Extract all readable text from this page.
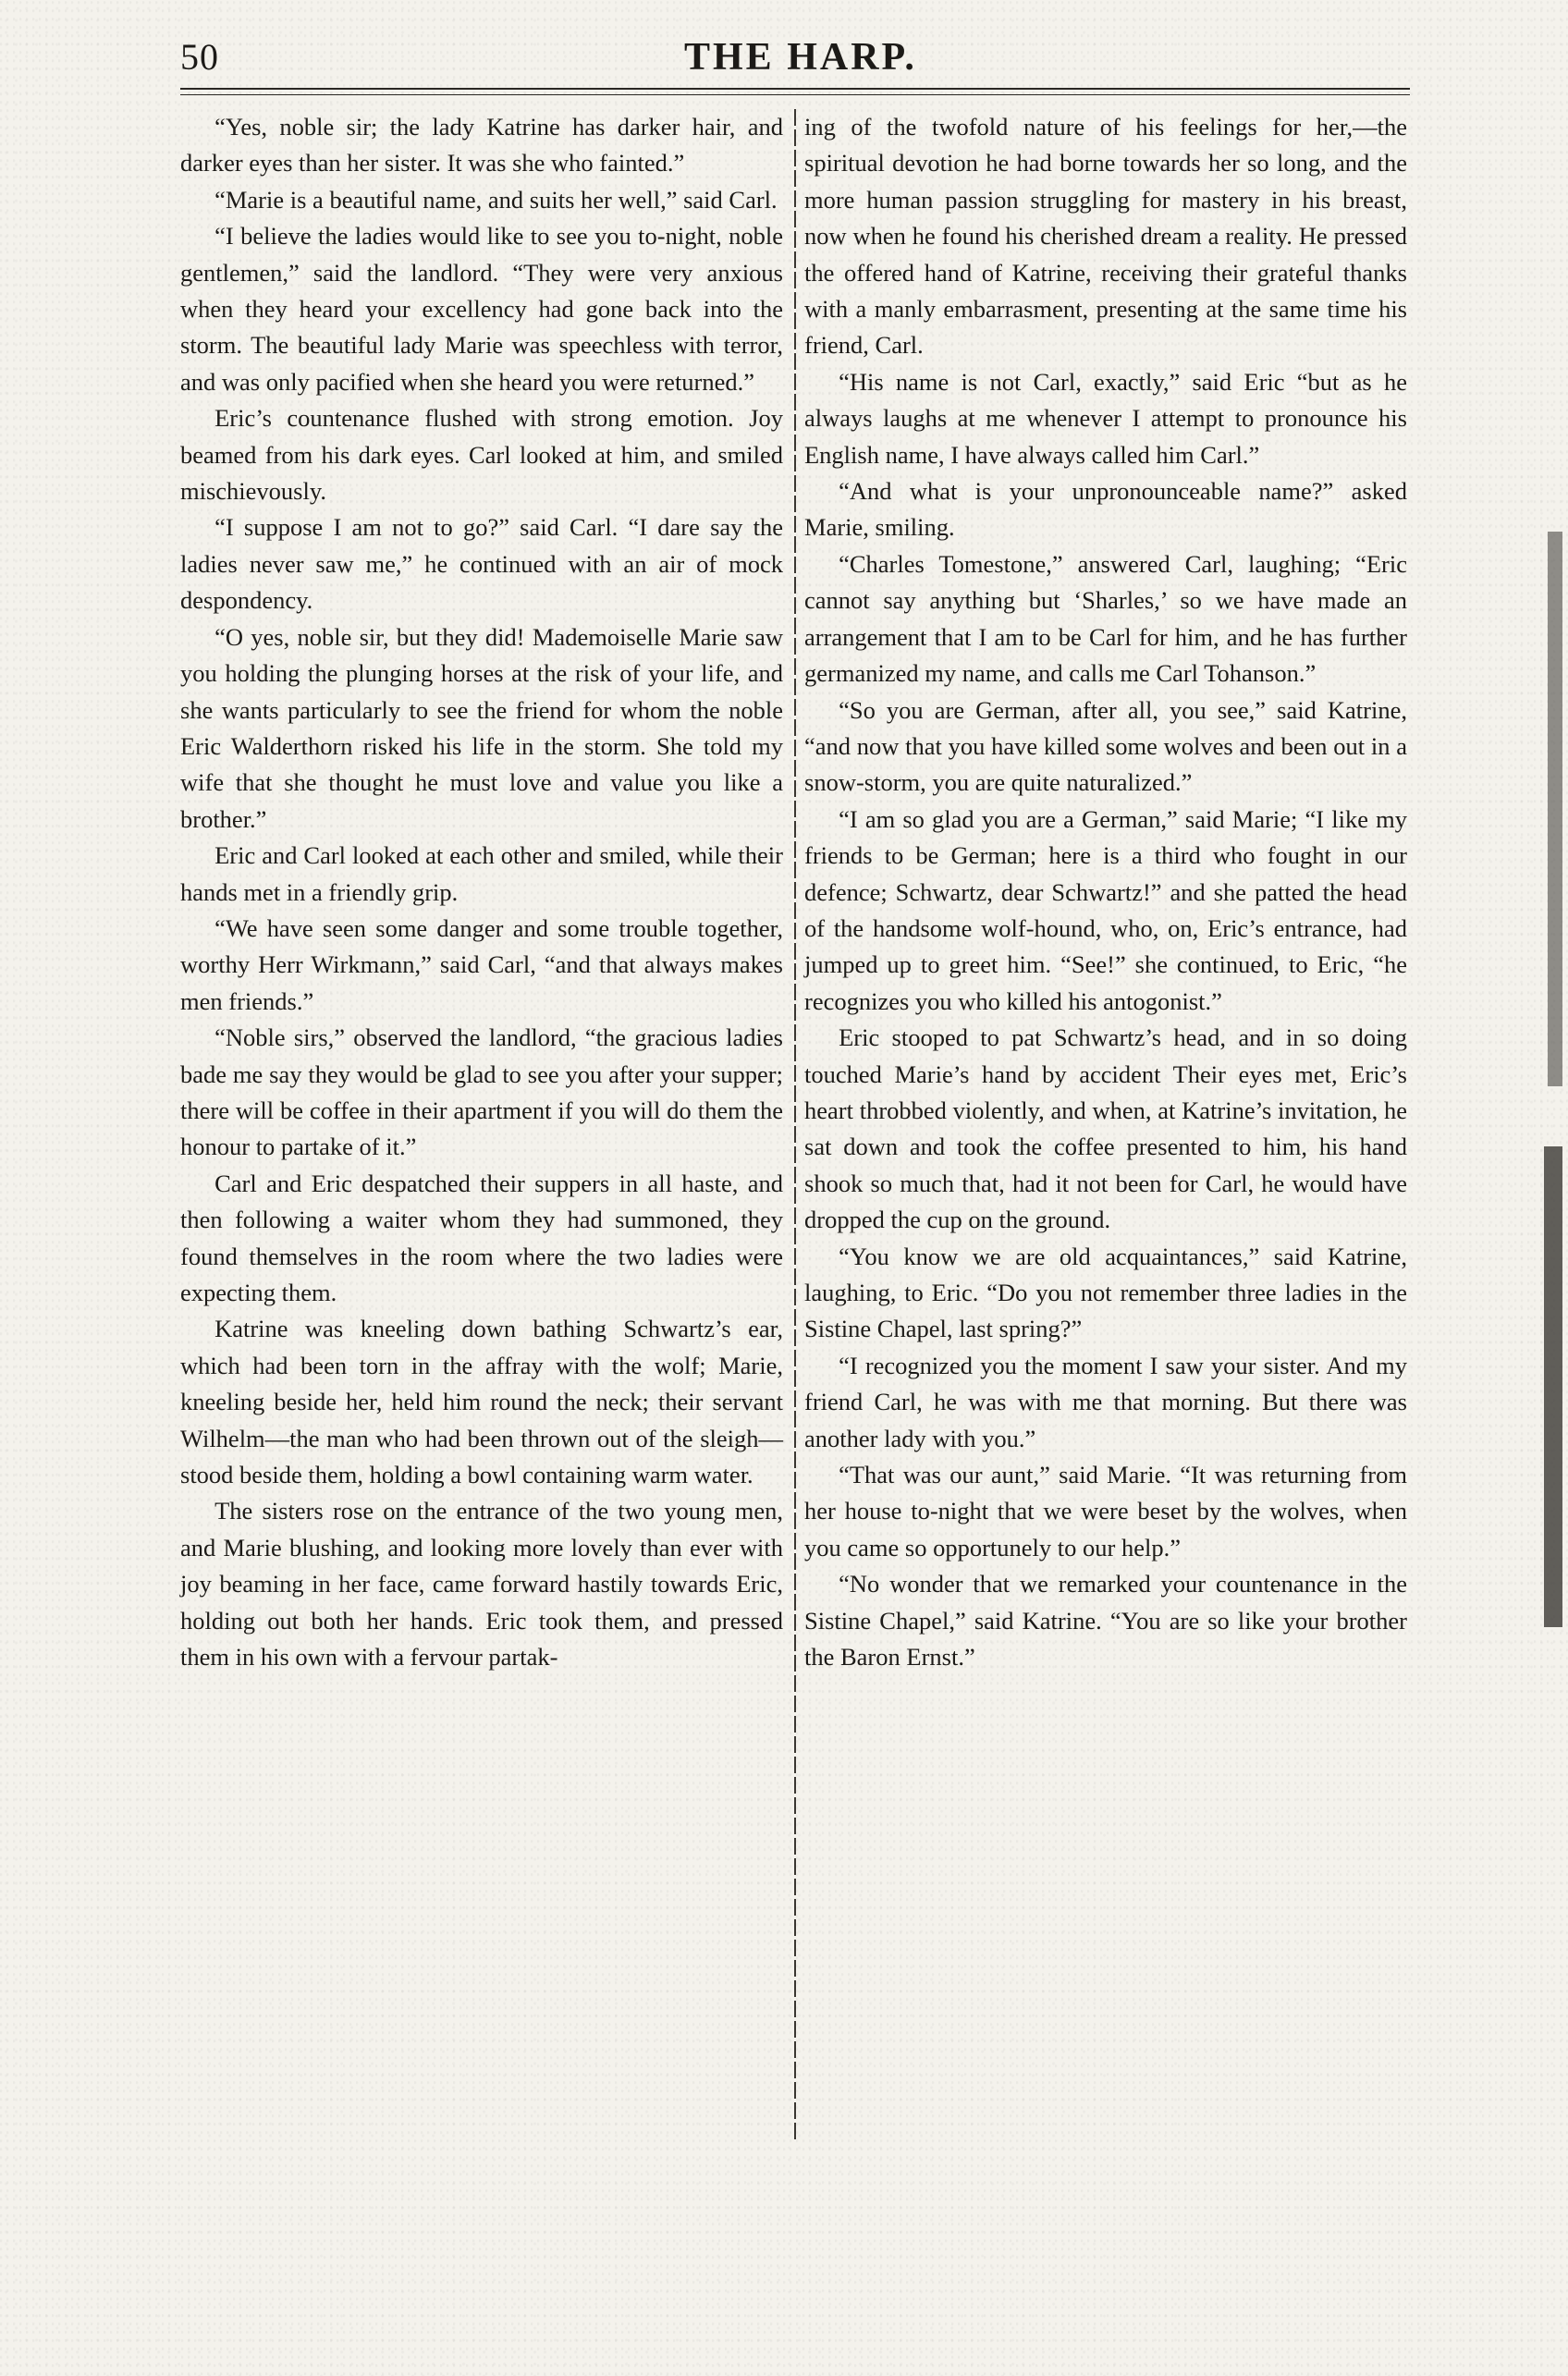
50	THE HARP.

“Yes, noble sir; the lady Katrine has darker hair, and darker eyes than her sister. It was she who fainted.”

“Marie is a beautiful name, and suits her well,” said Carl.

“I believe the ladies would like to see you to-night, noble gentlemen,” said the landlord. “They were very anxious when they heard your excellency had gone back into the storm. The beautiful lady Marie was speechless with terror, and was only pacified when she heard you were returned.”

Eric’s countenance flushed with strong emotion. Joy beamed from his dark eyes. Carl looked at him, and smiled mischievously.

“I suppose I am not to go?” said Carl. “I dare say the ladies never saw me,” he continued with an air of mock despondency.

“O yes, noble sir, but they did! Mademoiselle Marie saw you holding the plunging horses at the risk of your life, and she wants particularly to see the friend for whom the noble Eric Walderthorn risked his life in the storm. She told my wife that she thought he must love and value you like a brother.”

Eric and Carl looked at each other and smiled, while their hands met in a friendly grip.

“We have seen some danger and some trouble together, worthy Herr Wirkmann,” said Carl, “and that always makes men friends.”

“Noble sirs,” observed the landlord, “the gracious ladies bade me say they would be glad to see you after your supper; there will be coffee in their apartment if you will do them the honour to partake of it.”

Carl and Eric despatched their suppers in all haste, and then following a waiter whom they had summoned, they found themselves in the room where the two ladies were expecting them.

Katrine was kneeling down bathing Schwartz’s ear, which had been torn in the affray with the wolf; Marie, kneeling beside her, held him round the neck; their servant Wilhelm—the man who had been thrown out of the sleigh—stood beside them, holding a bowl containing warm water.

The sisters rose on the entrance of the two young men, and Marie blushing, and looking more lovely than ever with joy beaming in her face, came forward hastily towards Eric, holding out both her hands. Eric took them, and pressed them in his own with a fervour partak-

ing of the twofold nature of his feelings for her,—the spiritual devotion he had borne towards her so long, and the more human passion struggling for mastery in his breast, now when he found his cherished dream a reality. He pressed the offered hand of Katrine, receiving their grateful thanks with a manly embarrasment, presenting at the same time his friend, Carl.

“His name is not Carl, exactly,” said Eric “but as he always laughs at me whenever I attempt to pronounce his English name, I have always called him Carl.”

“And what is your unpronounceable name?” asked Marie, smiling.

“Charles Tomestone,” answered Carl, laughing; “Eric cannot say anything but ‘Sharles,’ so we have made an arrangement that I am to be Carl for him, and he has further germanized my name, and calls me Carl Tohanson.”

“So you are German, after all, you see,” said Katrine, “and now that you have killed some wolves and been out in a snow-storm, you are quite naturalized.”

“I am so glad you are a German,” said Marie; “I like my friends to be German; here is a third who fought in our defence; Schwartz, dear Schwartz!” and she patted the head of the handsome wolf-hound, who, on, Eric’s entrance, had jumped up to greet him. “See!” she continued, to Eric, “he recognizes you who killed his antogonist.”

Eric stooped to pat Schwartz’s head, and in so doing touched Marie’s hand by accident Their eyes met, Eric’s heart throbbed violently, and when, at Katrine’s invitation, he sat down and took the coffee presented to him, his hand shook so much that, had it not been for Carl, he would have dropped the cup on the ground.

“You know we are old acquaintances,” said Katrine, laughing, to Eric. “Do you not remember three ladies in the Sistine Chapel, last spring?”

“I recognized you the moment I saw your sister. And my friend Carl, he was with me that morning. But there was another lady with you.”

“That was our aunt,” said Marie. “It was returning from her house to-night that we were beset by the wolves, when you came so opportunely to our help.”

“No wonder that we remarked your countenance in the Sistine Chapel,” said Katrine. “You are so like your brother the Baron Ernst.”
